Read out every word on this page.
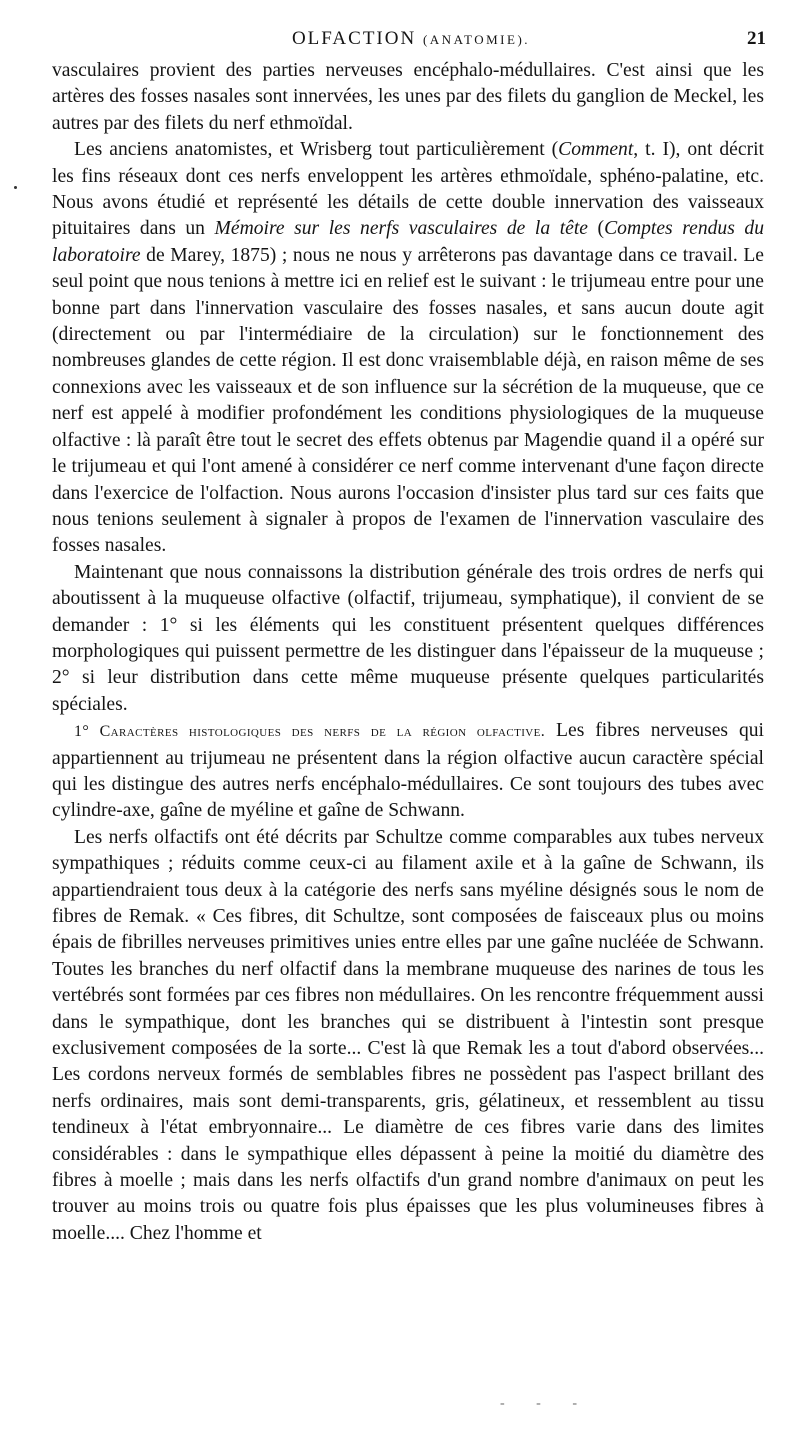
OLFACTION (ANATOMIE).	21

vasculaires provient des parties nerveuses encéphalo-médullaires. C'est ainsi que les artères des fosses nasales sont innervées, les unes par des filets du ganglion de Meckel, les autres par des filets du nerf ethmoïdal.

Les anciens anatomistes, et Wrisberg tout particulièrement (Comment, t. I), ont décrit les fins réseaux dont ces nerfs enveloppent les artères ethmoïdale, sphéno-palatine, etc. Nous avons étudié et représenté les détails de cette double innervation des vaisseaux pituitaires dans un Mémoire sur les nerfs vasculaires de la tête (Comptes rendus du laboratoire de Marey, 1875) ; nous ne nous y arrêterons pas davantage dans ce travail. Le seul point que nous tenions à mettre ici en relief est le suivant : le trijumeau entre pour une bonne part dans l'innervation vasculaire des fosses nasales, et sans aucun doute agit (directement ou par l'intermédiaire de la circulation) sur le fonctionnement des nombreuses glandes de cette région. Il est donc vraisemblable déjà, en raison même de ses connexions avec les vaisseaux et de son influence sur la sécrétion de la muqueuse, que ce nerf est appelé à modifier profondément les conditions physiologiques de la muqueuse olfactive : là paraît être tout le secret des effets obtenus par Magendie quand il a opéré sur le trijumeau et qui l'ont amené à considérer ce nerf comme intervenant d'une façon directe dans l'exercice de l'olfaction. Nous aurons l'occasion d'insister plus tard sur ces faits que nous tenions seulement à signaler à propos de l'examen de l'innervation vasculaire des fosses nasales.

Maintenant que nous connaissons la distribution générale des trois ordres de nerfs qui aboutissent à la muqueuse olfactive (olfactif, trijumeau, symphatique), il convient de se demander : 1° si les éléments qui les constituent présentent quelques différences morphologiques qui puissent permettre de les distinguer dans l'épaisseur de la muqueuse ; 2° si leur distribution dans cette même muqueuse présente quelques particularités spéciales.

1° Caractères histologiques des nerfs de la région olfactive. Les fibres nerveuses qui appartiennent au trijumeau ne présentent dans la région olfactive aucun caractère spécial qui les distingue des autres nerfs encéphalo-médullaires. Ce sont toujours des tubes avec cylindre-axe, gaîne de myéline et gaîne de Schwann.

Les nerfs olfactifs ont été décrits par Schultze comme comparables aux tubes nerveux sympathiques ; réduits comme ceux-ci au filament axile et à la gaîne de Schwann, ils appartiendraient tous deux à la catégorie des nerfs sans myéline désignés sous le nom de fibres de Remak. « Ces fibres, dit Schultze, sont composées de faisceaux plus ou moins épais de fibrilles nerveuses primitives unies entre elles par une gaîne nucléée de Schwann. Toutes les branches du nerf olfactif dans la membrane muqueuse des narines de tous les vertébrés sont formées par ces fibres non médullaires. On les rencontre fréquemment aussi dans le sympathique, dont les branches qui se distribuent à l'intestin sont presque exclusivement composées de la sorte... C'est là que Remak les a tout d'abord observées... Les cordons nerveux formés de semblables fibres ne possèdent pas l'aspect brillant des nerfs ordinaires, mais sont demi-transparents, gris, gélatineux, et ressemblent au tissu tendineux à l'état embryonnaire... Le diamètre de ces fibres varie dans des limites considérables : dans le sympathique elles dépassent à peine la moitié du diamètre des fibres à moelle ; mais dans les nerfs olfactifs d'un grand nombre d'animaux on peut les trouver au moins trois ou quatre fois plus épaisses que les plus volumineuses fibres à moelle.... Chez l'homme et

- - -
